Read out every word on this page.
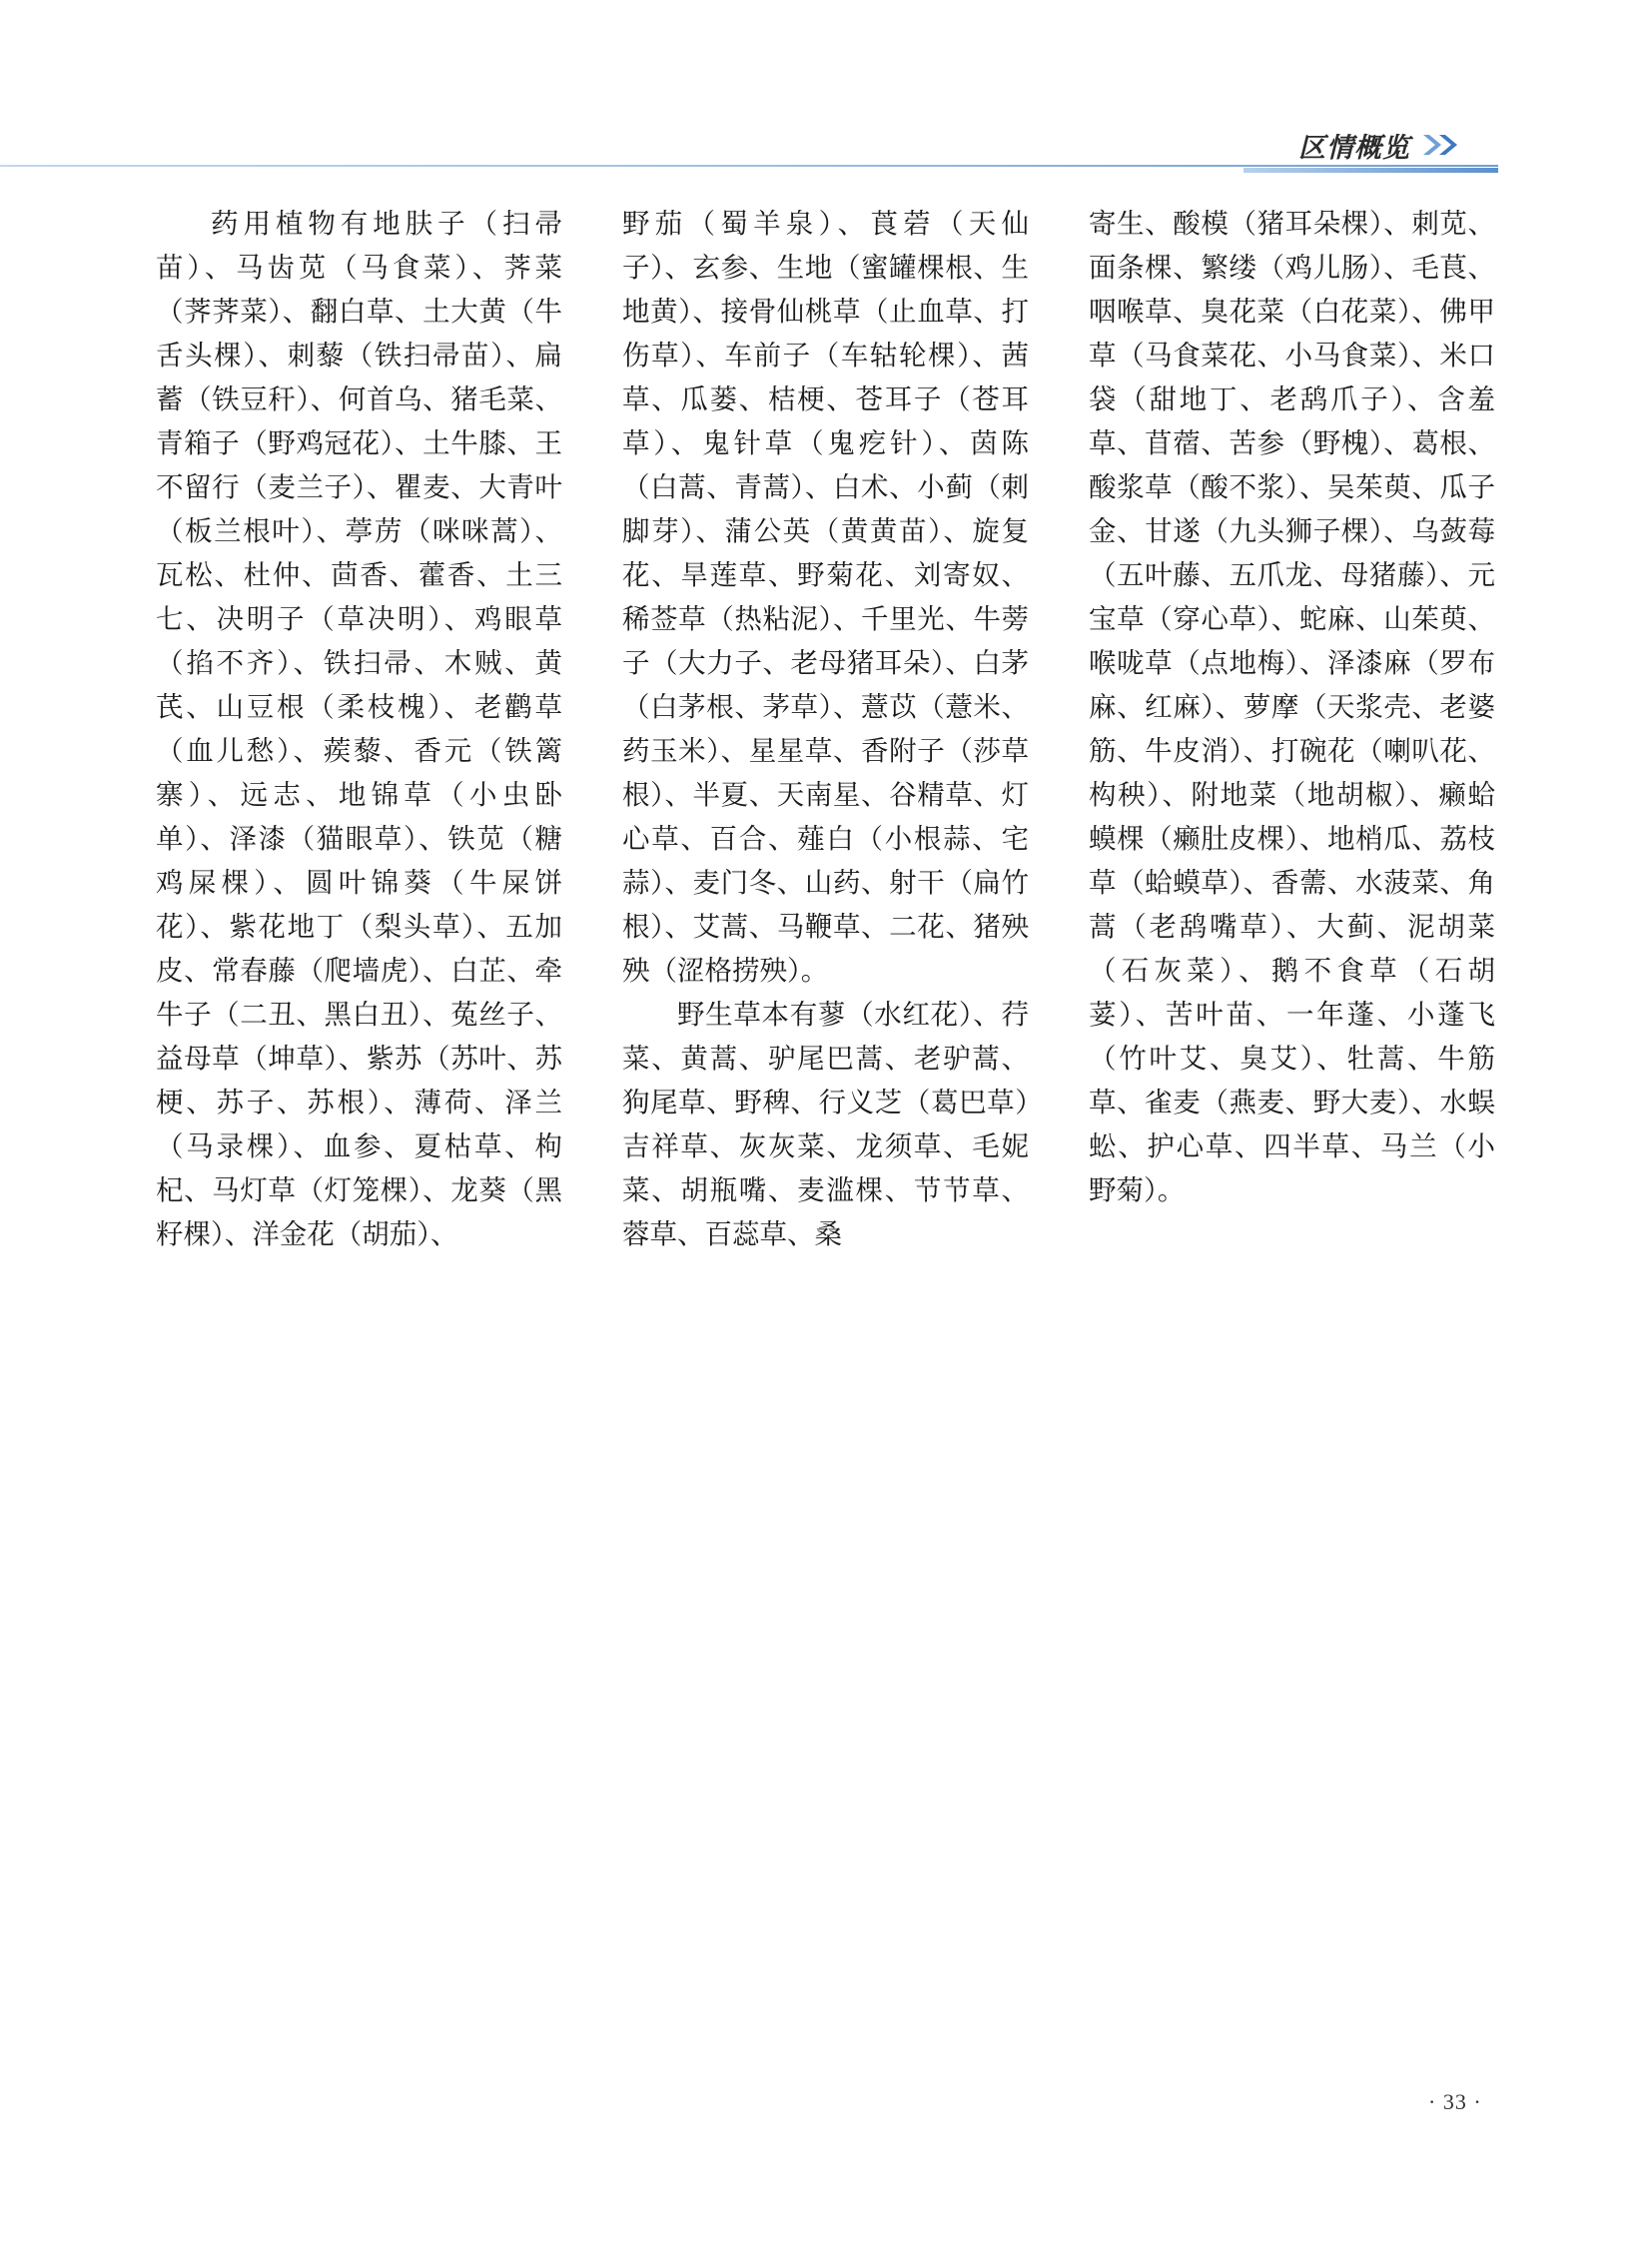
区情概览

药用植物有地肤子（扫帚苗）、马齿苋（马食菜）、荠菜（荠荠菜）、翻白草、土大黄（牛舌头棵）、刺藜（铁扫帚苗）、扁蓄（铁豆秆）、何首乌、猪毛菜、青箱子（野鸡冠花）、土牛膝、王不留行（麦兰子）、瞿麦、大青叶（板兰根叶）、葶苈（咪咪蒿）、瓦松、杜仲、茴香、藿香、土三七、决明子（草决明）、鸡眼草（掐不齐）、铁扫帚、木贼、黄芪、山豆根（柔枝槐）、老鹳草（血儿愁）、蒺藜、香元（铁篱寨）、远志、地锦草（小虫卧单）、泽漆（猫眼草）、铁苋（糖鸡屎棵）、圆叶锦葵（牛屎饼花）、紫花地丁（梨头草）、五加皮、常春藤（爬墙虎）、白芷、牵牛子（二丑、黑白丑）、菟丝子、益母草（坤草）、紫苏（苏叶、苏梗、苏子、苏根）、薄荷、泽兰（马录棵）、血参、夏枯草、枸杞、马灯草（灯笼棵）、龙葵（黑籽棵）、洋金花（胡茄）、

野茄（蜀羊泉）、莨菪（天仙子）、玄参、生地（蜜罐棵根、生地黄）、接骨仙桃草（止血草、打伤草）、车前子（车轱轮棵）、茜草、瓜蒌、桔梗、苍耳子（苍耳草）、鬼针草（鬼疙针）、茵陈（白蒿、青蒿）、白术、小蓟（刺脚芽）、蒲公英（黄黄苗）、旋复花、旱莲草、野菊花、刘寄奴、稀莶草（热粘泥）、千里光、牛蒡子（大力子、老母猪耳朵）、白茅（白茅根、茅草）、薏苡（薏米、药玉米）、星星草、香附子（莎草根）、半夏、天南星、谷精草、灯心草、百合、薤白（小根蒜、宅蒜）、麦门冬、山药、射干（扁竹根）、艾蒿、马鞭草、二花、猪殃殃（涩格捞殃）。

野生草本有蓼（水红花）、荇菜、黄蒿、驴尾巴蒿、老驴蒿、狗尾草、野稗、行义芝（葛巴草）吉祥草、灰灰菜、龙须草、毛妮菜、胡瓶嘴、麦滥棵、节节草、蓉草、百蕊草、桑

寄生、酸模（猪耳朵棵）、刺苋、面条棵、繁缕（鸡儿肠）、毛茛、咽喉草、臭花菜（白花菜）、佛甲草（马食菜花、小马食菜）、米口袋（甜地丁、老鸹爪子）、含羞草、苜蓿、苦参（野槐）、葛根、酸浆草（酸不浆）、吴茱萸、瓜子金、甘遂（九头狮子棵）、乌蔹莓（五叶藤、五爪龙、母猪藤）、元宝草（穿心草）、蛇麻、山茱萸、喉咙草（点地梅）、泽漆麻（罗布麻、红麻）、萝摩（天浆壳、老婆筋、牛皮消）、打碗花（喇叭花、构秧）、附地菜（地胡椒）、癞蛤蟆棵（癞肚皮棵）、地梢瓜、荔枝草（蛤蟆草）、香薷、水菠菜、角蒿（老鸹嘴草）、大蓟、泥胡菜（石灰菜）、鹅不食草（石胡荽）、苦叶苗、一年蓬、小蓬飞（竹叶艾、臭艾）、牡蒿、牛筋草、雀麦（燕麦、野大麦）、水蜈蚣、护心草、四半草、马兰（小野菊）。

· 33 ·
